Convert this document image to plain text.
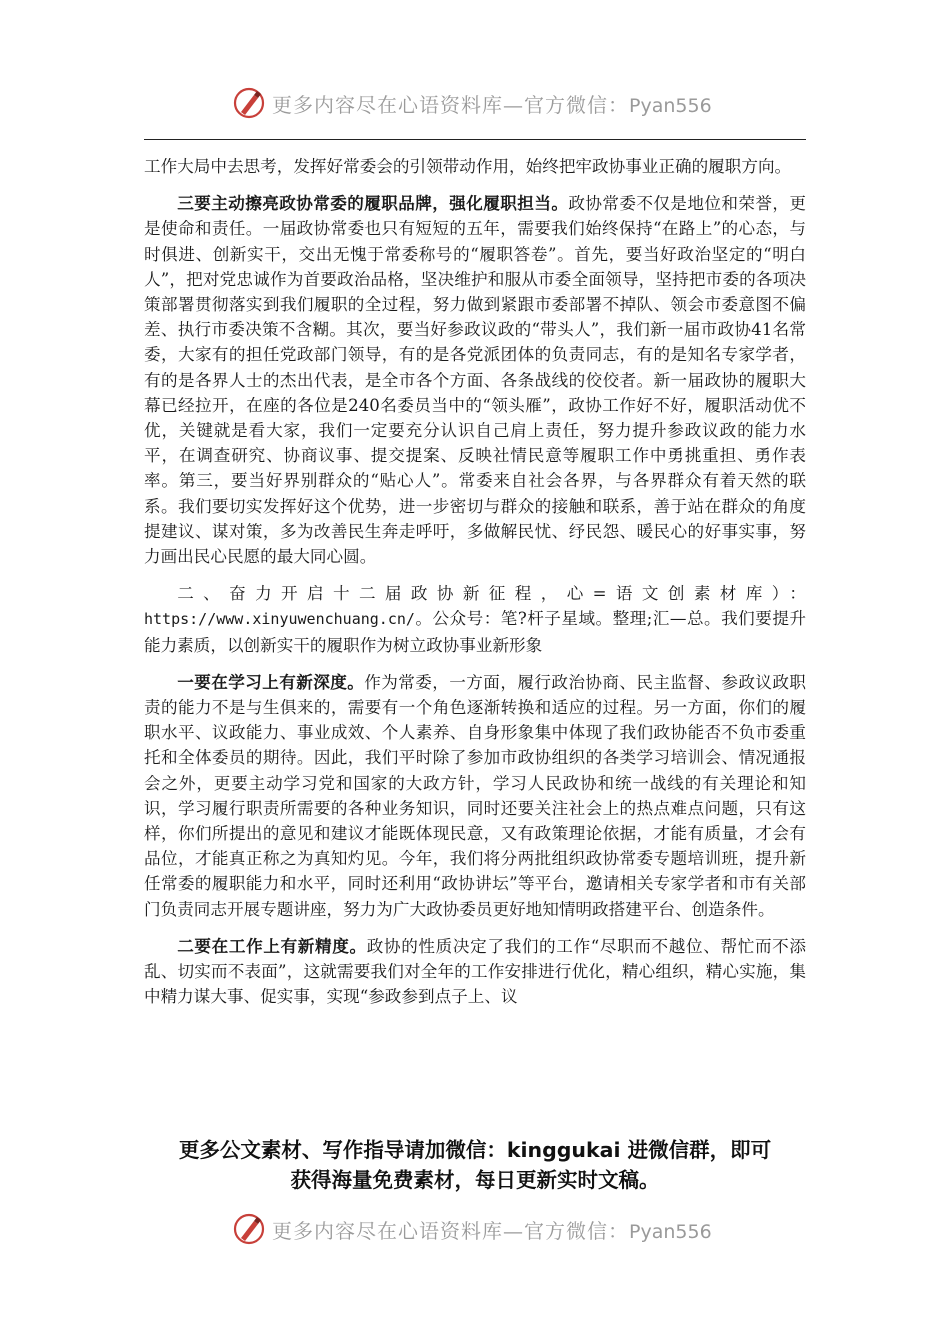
更多内容尽在心语资料库—官方微信：Pyan556

工作大局中去思考，发挥好常委会的引领带动作用，始终把牢政协事业正确的履职方向。

三要主动擦亮政协常委的履职品牌，强化履职担当。政协常委不仅是地位和荣誉，更是使命和责任。一届政协常委也只有短短的五年，需要我们始终保持“在路上”的心态，与时俱进、创新实干，交出无愧于常委称号的“履职答卷”。首先，要当好政治坚定的“明白人”，把对党忠诚作为首要政治品格，坚决维护和服从市委全面领导，坚持把市委的各项决策部署贯彻落实到我们履职的全过程，努力做到紧跟市委部署不掉队、领会市委意图不偏差、执行市委决策不含糊。其次，要当好参政议政的“带头人”，我们新一届市政协41名常委，大家有的担任党政部门领导，有的是各党派团体的负责同志，有的是知名专家学者，有的是各界人士的杰出代表，是全市各个方面、各条战线的佼佼者。新一届政协的履职大幕已经拉开，在座的各位是240名委员当中的“领头雁”，政协工作好不好，履职活动优不优，关键就是看大家，我们一定要充分认识自己肩上责任，努力提升参政议政的能力水平，在调查研究、协商议事、提交提案、反映社情民意等履职工作中勇挑重担、勇作表率。第三，要当好界别群众的“贴心人”。常委来自社会各界，与各界群众有着天然的联系。我们要切实发挥好这个优势，进一步密切与群众的接触和联系，善于站在群众的角度提建议、谋对策，多为改善民生奔走呼吁，多做解民忧、纾民怨、暖民心的好事实事，努力画出民心民愿的最大同心圆。

二、奋力开启十二届政协新征程，心=语文创素材库）：https://www.xinyuwenchuang.cn/。公众号：笔?杆子星域。整理;汇—总。我们要提升能力素质，以创新实干的履职作为树立政协事业新形象

一要在学习上有新深度。作为常委，一方面，履行政治协商、民主监督、参政议政职责的能力不是与生俱来的，需要有一个角色逐渐转换和适应的过程。另一方面，你们的履职水平、议政能力、事业成效、个人素养、自身形象集中体现了我们政协能否不负市委重托和全体委员的期待。因此，我们平时除了参加市政协组织的各类学习培训会、情况通报会之外，更要主动学习党和国家的大政方针，学习人民政协和统一战线的有关理论和知识，学习履行职责所需要的各种业务知识，同时还要关注社会上的热点难点问题，只有这样，你们所提出的意见和建议才能既体现民意，又有政策理论依据，才能有质量，才会有品位，才能真正称之为真知灼见。今年，我们将分两批组织政协常委专题培训班，提升新任常委的履职能力和水平，同时还利用“政协讲坛”等平台，邀请相关专家学者和市有关部门负责同志开展专题讲座，努力为广大政协委员更好地知情明政搭建平台、创造条件。

二要在工作上有新精度。政协的性质决定了我们的工作“尽职而不越位、帮忙而不添乱、切实而不表面”，这就需要我们对全年的工作安排进行优化，精心组织，精心实施，集中精力谋大事、促实事，实现“参政参到点子上、议

更多公文素材、写作指导请加微信：kinggukai 进微信群，即可
获得海量免费素材，每日更新实时文稿。
更多内容尽在心语资料库—官方微信：Pyan556
